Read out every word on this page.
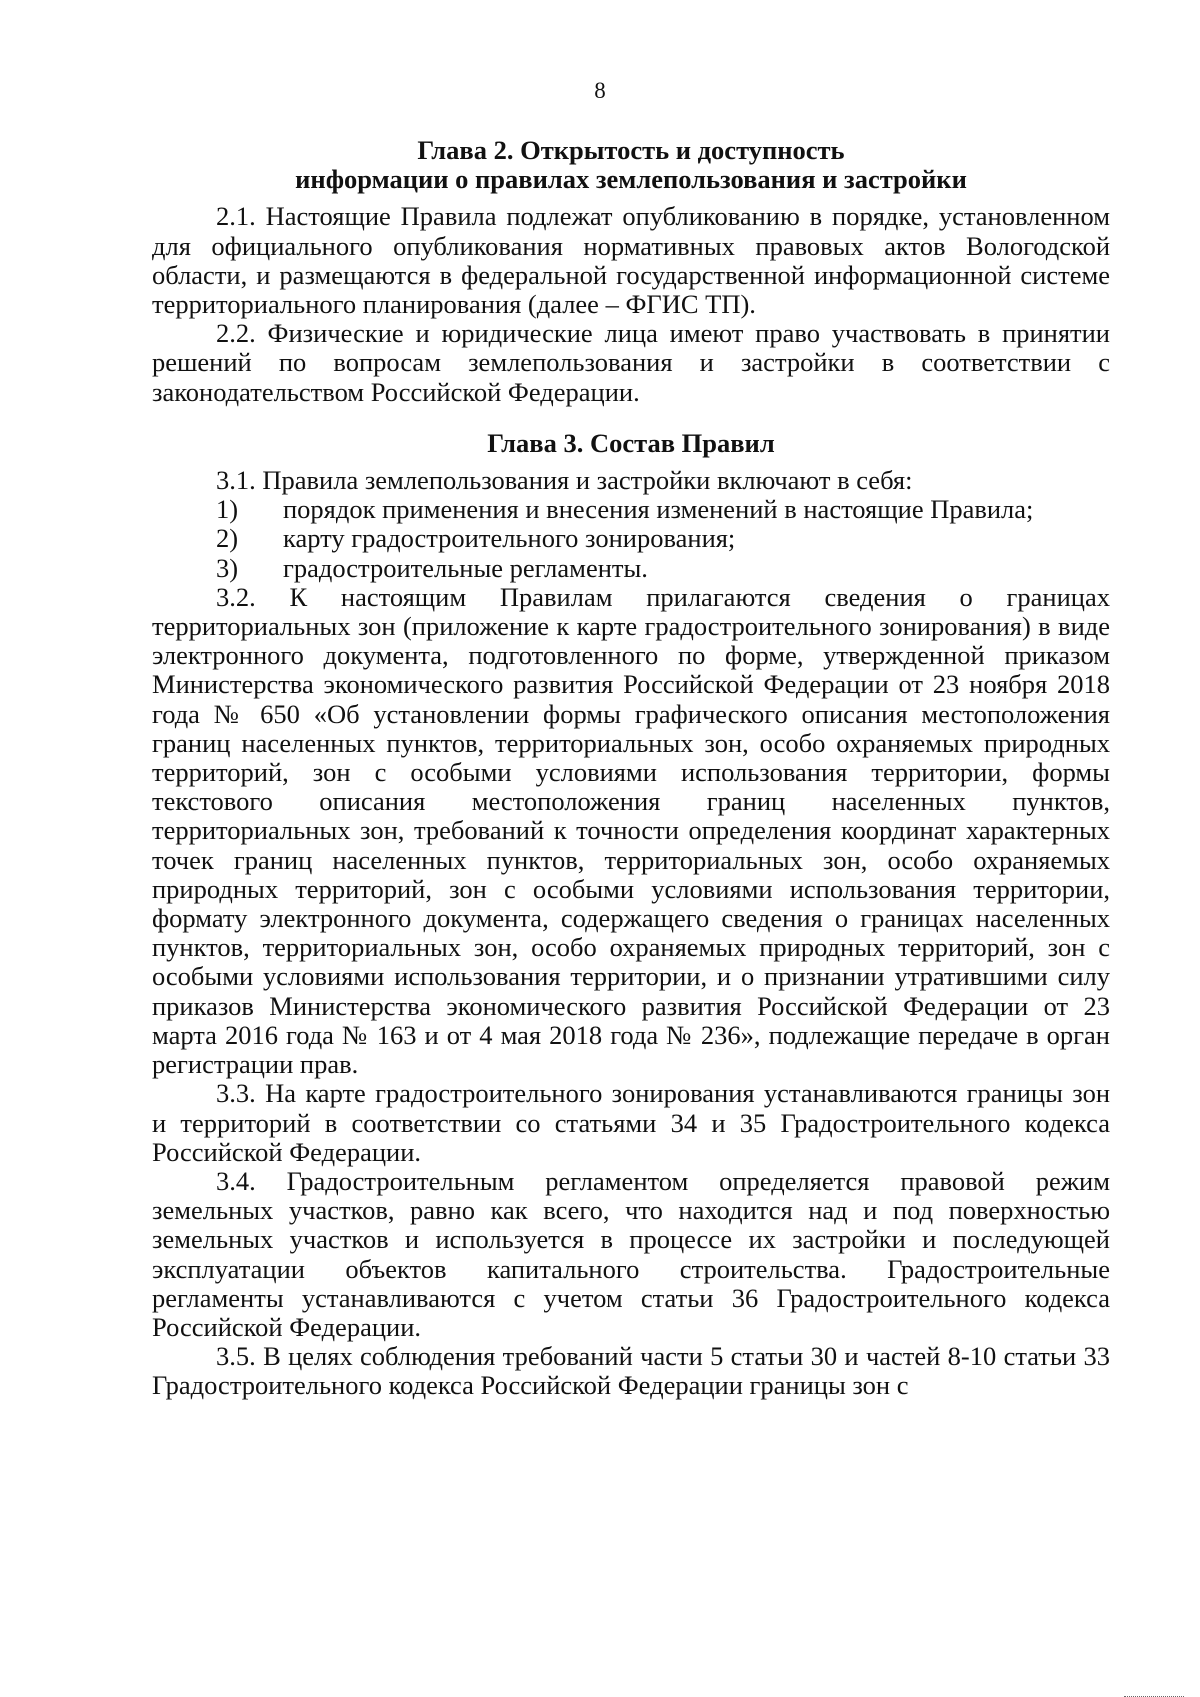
8
Глава 2. Открытость и доступность
информации о правилах землепользования и застройки

2.1. Настоящие Правила подлежат опубликованию в порядке, установленном для официального опубликования нормативных правовых актов Вологодской области, и размещаются в федеральной государственной информационной системе территориального планирования (далее – ФГИС ТП).

2.2. Физические и юридические лица имеют право участвовать в принятии решений по вопросам землепользования и застройки в соответствии с законодательством Российской Федерации.

Глава 3. Состав Правил

3.1. Правила землепользования и застройки включают в себя:

1) порядок применения и внесения изменений в настоящие Правила;

2) карту градостроительного зонирования;

3) градостроительные регламенты.

3.2. К настоящим Правилам прилагаются сведения о границах территориальных зон (приложение к карте градостроительного зонирования) в виде электронного документа, подготовленного по форме, утвержденной приказом Министерства экономического развития Российской Федерации от 23 ноября 2018 года № 650 «Об установлении формы графического описания местоположения границ населенных пунктов, территориальных зон, особо охраняемых природных территорий, зон с особыми условиями использования территории, формы текстового описания местоположения границ населенных пунктов, территориальных зон, требований к точности определения координат характерных точек границ населенных пунктов, территориальных зон, особо охраняемых природных территорий, зон с особыми условиями использования территории, формату электронного документа, содержащего сведения о границах населенных пунктов, территориальных зон, особо охраняемых природных территорий, зон с особыми условиями использования территории, и о признании утратившими силу приказов Министерства экономического развития Российской Федерации от 23 марта 2016 года № 163 и от 4 мая 2018 года № 236», подлежащие передаче в орган регистрации прав.

3.3. На карте градостроительного зонирования устанавливаются границы зон и территорий в соответствии со статьями 34 и 35 Градостроительного кодекса Российской Федерации.

3.4. Градостроительным регламентом определяется правовой режим земельных участков, равно как всего, что находится над и под поверхностью земельных участков и используется в процессе их застройки и последующей эксплуатации объектов капитального строительства. Градостроительные регламенты устанавливаются с учетом статьи 36 Градостроительного кодекса Российской Федерации.

3.5. В целях соблюдения требований части 5 статьи 30 и частей 8-10 статьи 33 Градостроительного кодекса Российской Федерации границы зон с
